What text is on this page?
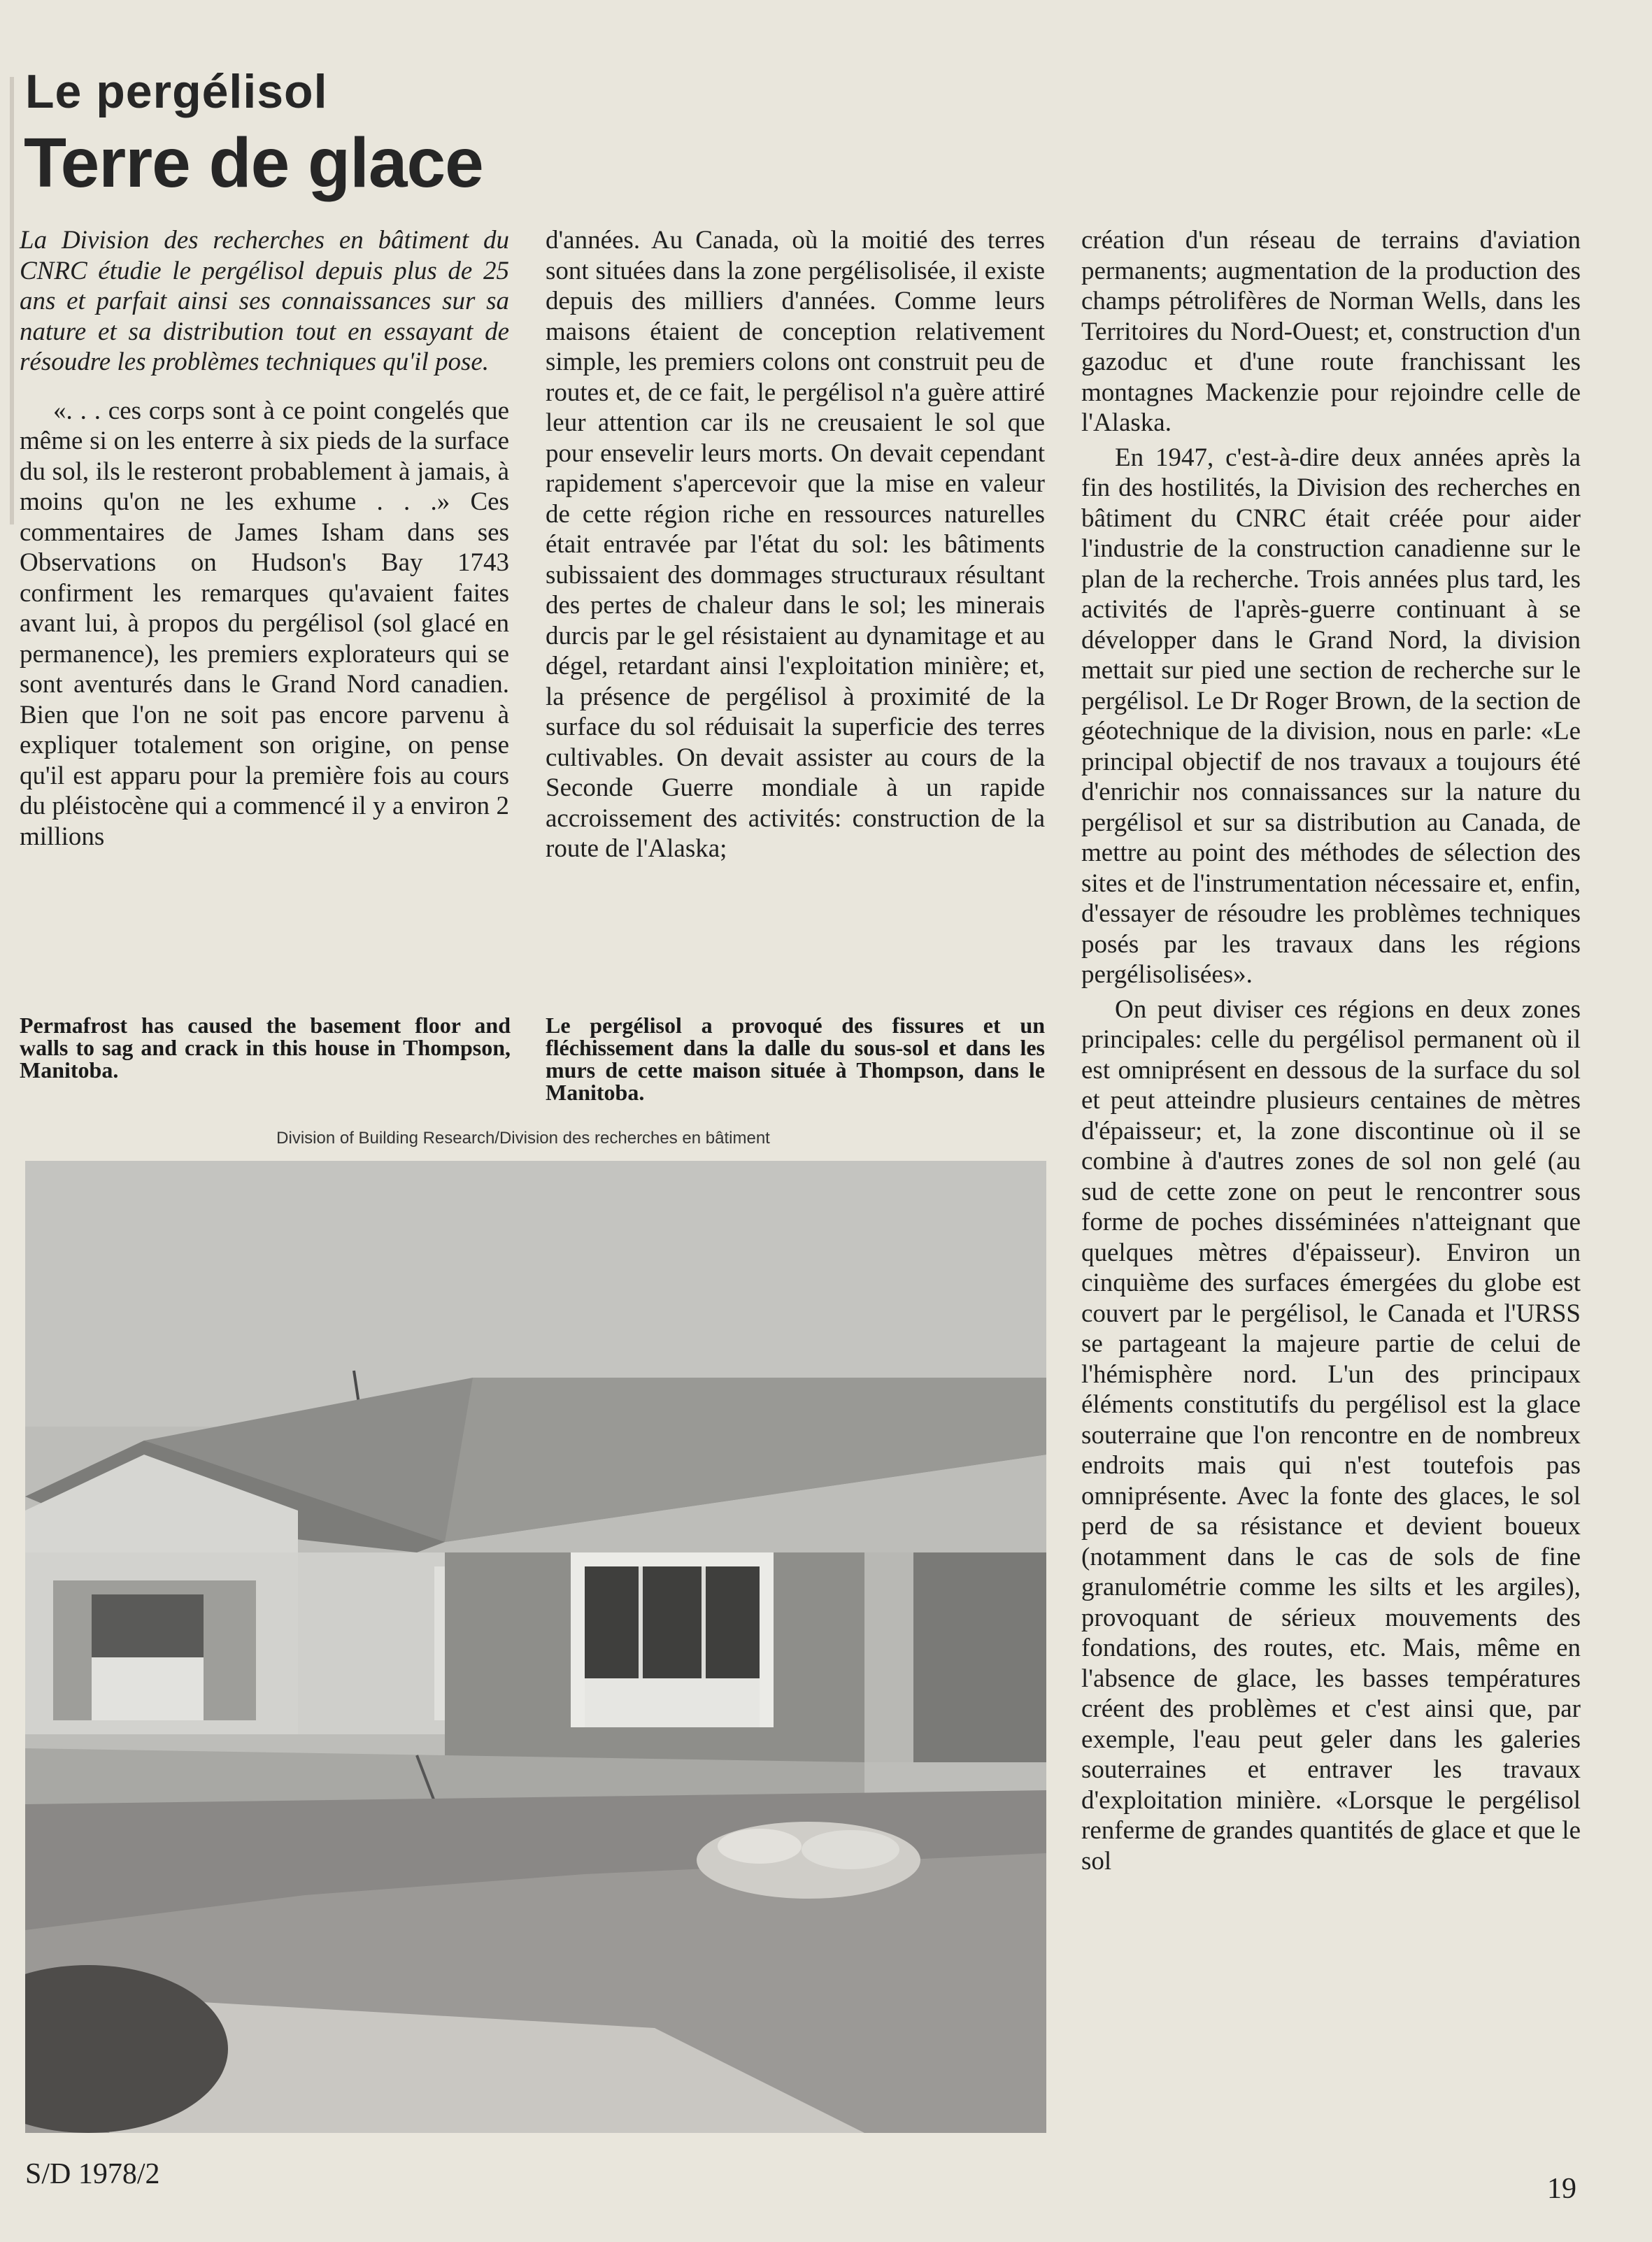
Le pergélisol
Terre de glace

La Division des recherches en bâtiment du CNRC étudie le pergélisol depuis plus de 25 ans et parfait ainsi ses connaissances sur sa nature et sa distribution tout en essayant de résoudre les problèmes techniques qu'il pose.

«. . . ces corps sont à ce point congelés que même si on les enterre à six pieds de la surface du sol, ils le resteront probablement à jamais, à moins qu'on ne les exhume . . .» Ces commentaires de James Isham dans ses Observations on Hudson's Bay 1743 confirment les remarques qu'avaient faites avant lui, à propos du pergélisol (sol glacé en permanence), les premiers explorateurs qui se sont aventurés dans le Grand Nord canadien. Bien que l'on ne soit pas encore parvenu à expliquer totalement son origine, on pense qu'il est apparu pour la première fois au cours du pléistocène qui a commencé il y a environ 2 millions

d'années. Au Canada, où la moitié des terres sont situées dans la zone pergélisolisée, il existe depuis des milliers d'années. Comme leurs maisons étaient de conception relativement simple, les premiers colons ont construit peu de routes et, de ce fait, le pergélisol n'a guère attiré leur attention car ils ne creusaient le sol que pour ensevelir leurs morts. On devait cependant rapidement s'apercevoir que la mise en valeur de cette région riche en ressources naturelles était entravée par l'état du sol: les bâtiments subissaient des dommages structuraux résultant des pertes de chaleur dans le sol; les minerais durcis par le gel résistaient au dynamitage et au dégel, retardant ainsi l'exploitation minière; et, la présence de pergélisol à proximité de la surface du sol réduisait la superficie des terres cultivables. On devait assister au cours de la Seconde Guerre mondiale à un rapide accroissement des activités: construction de la route de l'Alaska;

création d'un réseau de terrains d'aviation permanents; augmentation de la production des champs pétrolifères de Norman Wells, dans les Territoires du Nord-Ouest; et, construction d'un gazoduc et d'une route franchissant les montagnes Mackenzie pour rejoindre celle de l'Alaska.

En 1947, c'est-à-dire deux années après la fin des hostilités, la Division des recherches en bâtiment du CNRC était créée pour aider l'industrie de la construction canadienne sur le plan de la recherche. Trois années plus tard, les activités de l'après-guerre continuant à se développer dans le Grand Nord, la division mettait sur pied une section de recherche sur le pergélisol. Le Dr Roger Brown, de la section de géotechnique de la division, nous en parle: «Le principal objectif de nos travaux a toujours été d'enrichir nos connaissances sur la nature du pergélisol et sur sa distribution au Canada, de mettre au point des méthodes de sélection des sites et de l'instrumentation nécessaire et, enfin, d'essayer de résoudre les problèmes techniques posés par les travaux dans les régions pergélisolisées».

On peut diviser ces régions en deux zones principales: celle du pergélisol permanent où il est omniprésent en dessous de la surface du sol et peut atteindre plusieurs centaines de mètres d'épaisseur; et, la zone discontinue où il se combine à d'autres zones de sol non gelé (au sud de cette zone on peut le rencontrer sous forme de poches disséminées n'atteignant que quelques mètres d'épaisseur). Environ un cinquième des surfaces émergées du globe est couvert par le pergélisol, le Canada et l'URSS se partageant la majeure partie de celui de l'hémisphère nord. L'un des principaux éléments constitutifs du pergélisol est la glace souterraine que l'on rencontre en de nombreux endroits mais qui n'est toutefois pas omniprésente. Avec la fonte des glaces, le sol perd de sa résistance et devient boueux (notamment dans le cas de sols de fine granulométrie comme les silts et les argiles), provoquant de sérieux mouvements des fondations, des routes, etc. Mais, même en l'absence de glace, les basses températures créent des problèmes et c'est ainsi que, par exemple, l'eau peut geler dans les galeries souterraines et entraver les travaux d'exploitation minière. «Lorsque le pergélisol renferme de grandes quantités de glace et que le sol

Permafrost has caused the basement floor and walls to sag and crack in this house in Thompson, Manitoba.
Le pergélisol a provoqué des fissures et un fléchissement dans la dalle du sous-sol et dans les murs de cette maison située à Thompson, dans le Manitoba.
Division of Building Research/Division des recherches en bâtiment
S/D 1978/2	19
